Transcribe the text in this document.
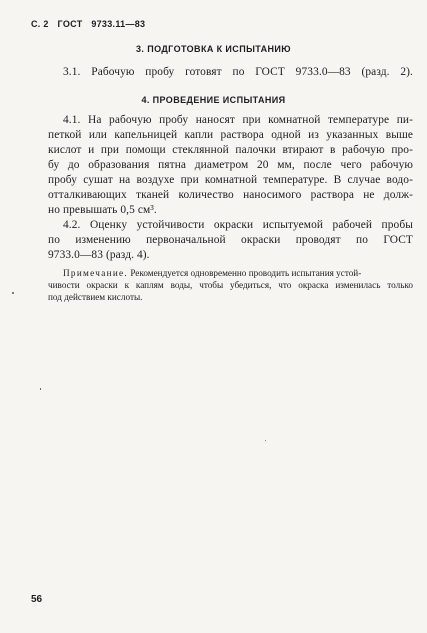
С. 2 ГОСТ 9733.11—83
3. ПОДГОТОВКА К ИСПЫТАНИЮ
3.1. Рабочую пробу готовят по ГОСТ 9733.0—83 (разд. 2).
4. ПРОВЕДЕНИЕ ИСПЫТАНИЯ
4.1. На рабочую пробу наносят при комнатной температуре пи-
петкой или капельницей капли раствора одной из указанных выше
кислот и при помощи стеклянной палочки втирают в рабочую про-
бу до образования пятна диаметром 20 мм, после чего рабочую
пробу сушат на воздухе при комнатной температуре. В случае водо-
отталкивающих тканей количество наносимого раствора не долж-
но превышать 0,5 см³.
4.2. Оценку устойчивости окраски испытуемой рабочей пробы
по изменению первоначальной окраски проводят по ГОСТ
9733.0—83 (разд. 4).
Примечание. Рекомендуется одновременно проводить испытания устой-
чивости окраски к каплям воды, чтобы убедиться, что окраска изменилась только
под действием кислоты.
56
